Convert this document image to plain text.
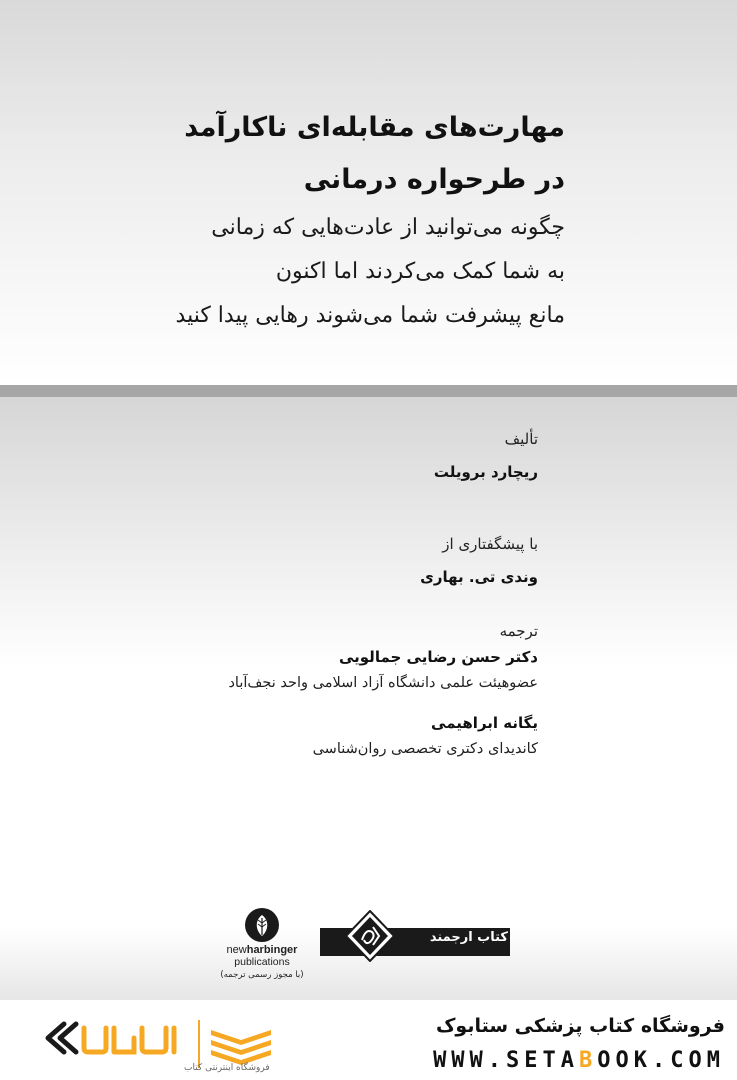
مهارت‌های مقابله‌ای ناکارآمد
در طرحواره درمانی
چگونه می‌توانید از عادت‌هایی که زمانی
به شما کمک می‌کردند اما اکنون
مانع پیشرفت شما می‌شوند رهایی پیدا کنید
تألیف
ریچارد برویلت
با پیشگفتاری از
وندی تی. بهاری
ترجمه
دکتر حسن رضایی جمالویی
عضوهیئت علمی دانشگاه آزاد اسلامی واحد نجف‌آباد
یگانه ابراهیمی
کاندیدای دکتری تخصصی روان‌شناسی
newharbinger
publications
(با مجوز رسمی ترجمه)
کتاب ارجمند
فروشگاه اینترنتی کتاب
فروشگاه کتاب پزشکی ستابوک
WWW.SETABOOK.COM
